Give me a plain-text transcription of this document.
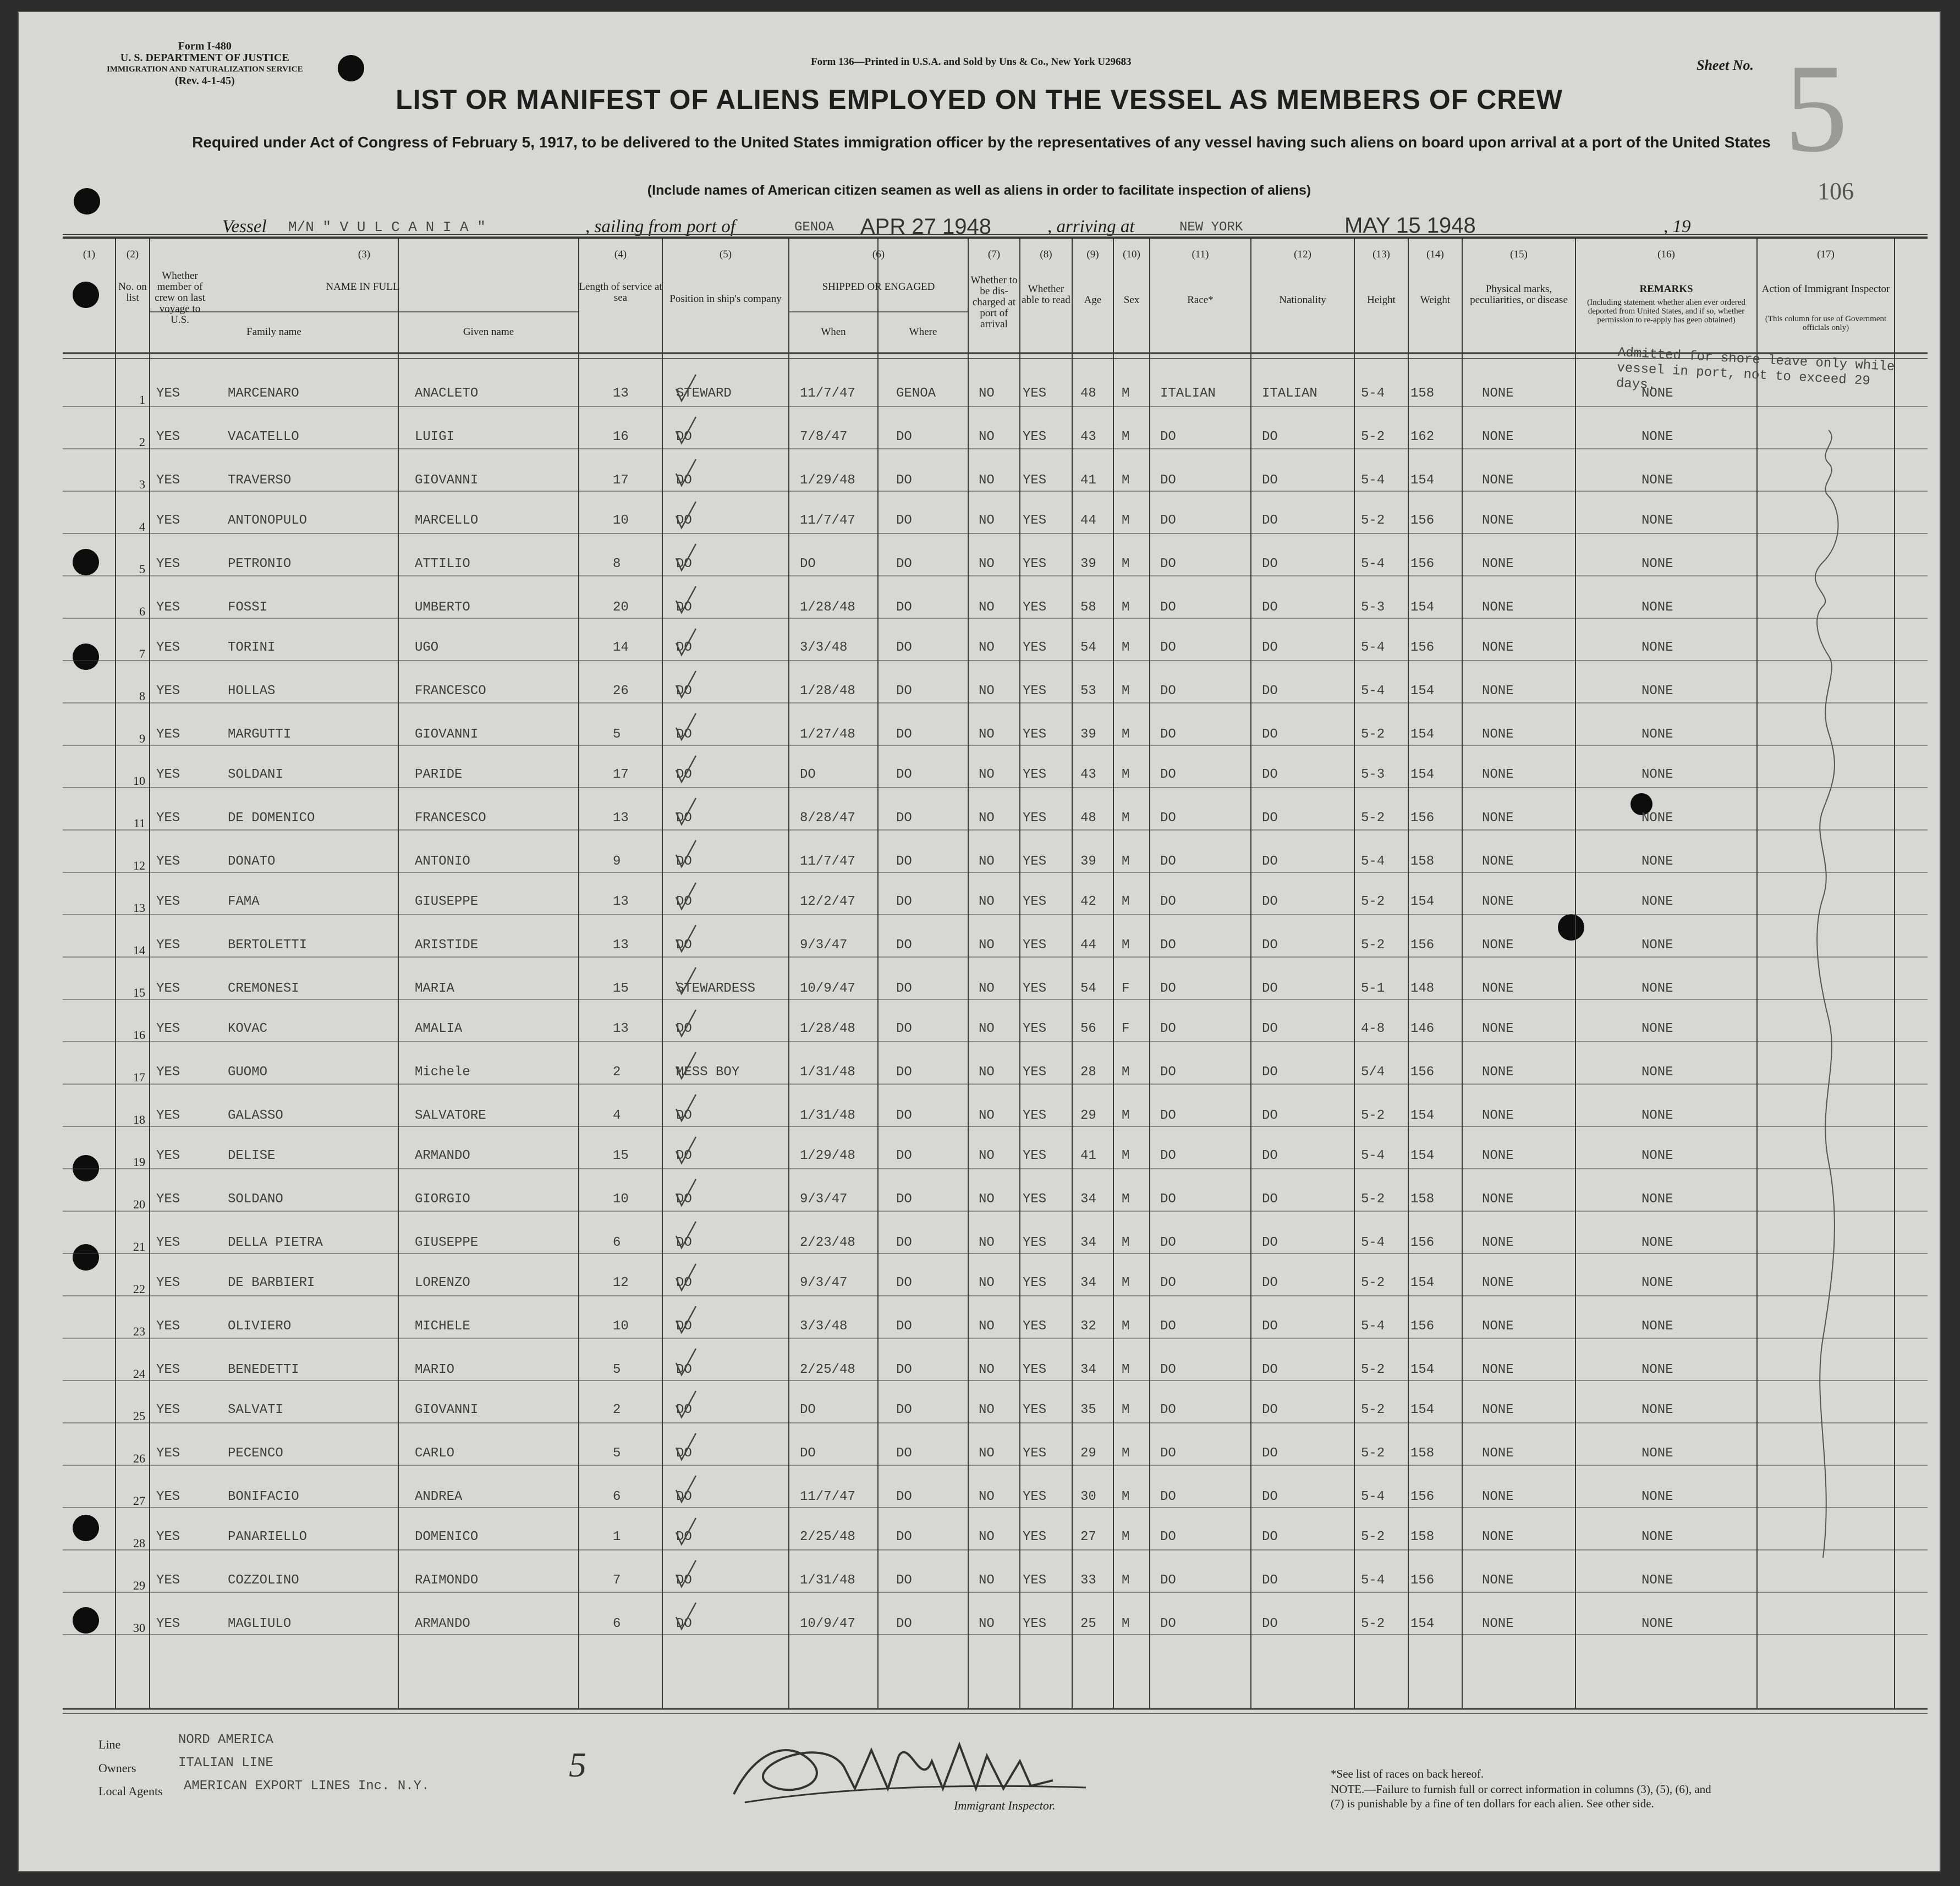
Form I-480
U. S. DEPARTMENT OF JUSTICE
IMMIGRATION AND NATURALIZATION SERVICE
(Rev. 4-1-45)
Form 136—Printed in U.S.A. and Sold by Uns & Co., New York U29683	Sheet No. 5
106
LIST OR MANIFEST OF ALIENS EMPLOYED ON THE VESSEL AS MEMBERS OF CREW
Required under Act of Congress of February 5, 1917, to be delivered to the United States immigration officer by the representatives of any vessel having such aliens on board upon arrival at a port of the United States
(Include names of American citizen seamen as well as aliens in order to facilitate inspection of aliens)
Vessel M/N " V U L C A N I A "	, sailing from port of	GENOA APR 27 1948	, arriving at	NEW YORK	MAY 15 1948	, 19
(1)	(2)	(3)	(4)	(5)	(6)	(7)	(8)	(9)	(10)	(11)	(12)	(13)	(14)	(15)	(16)	(17)
No. on list
Whether member of crew on last voyage to U.S.
NAME IN FULL
Family name	Given name
Length of service at sea	Position in ship's company
SHIPPED OR ENGAGED
When	Where
Whether to be dis-charged at port of arrival
Whether able to read	Age	Sex	Race*	Nationality	Height	Weight
Physical marks, peculiarities, or disease
REMARKS
(Including statement whether alien ever ordered deported from United States, and if so, whether permission to re-apply has geen obtained)
Action of Immigrant Inspector
(This column for use of Government officials only)
1 YES	MARCENARO	ANACLETO	13	STEWARD	11/7/47	GENOA	NO YES	48 M ITALIAN	ITALIAN	5-4 158	NONE	NONE
2 YES	VACATELLO	LUIGI	16	DO	7/8/47	DO	NO YES	43 M DO	DO	5-2 162	NONE	NONE
3 YES	TRAVERSO	GIOVANNI	17	DO	1/29/48	DO	NO YES	41 M DO	DO	5-4 154	NONE	NONE
4 YES	ANTONOPULO	MARCELLO	10	DO	11/7/47	DO	NO YES	44 M DO	DO	5-2 156	NONE	NONE
5 YES	PETRONIO	ATTILIO	8	DO	DO	DO	NO YES	39 M DO	DO	5-4 156	NONE	NONE
6 YES	FOSSI	UMBERTO	20	DO	1/28/48	DO	NO YES	58 M DO	DO	5-3 154	NONE	NONE
7 YES	TORINI	UGO	14	DO	3/3/48	DO	NO YES	54 M DO	DO	5-4 156	NONE	NONE
8 YES	HOLLAS	FRANCESCO	26	DO	1/28/48	DO	NO YES	53 M DO	DO	5-4 154	NONE	NONE
9 YES	MARGUTTI	GIOVANNI	5	DO	1/27/48	DO	NO YES	39 M DO	DO	5-2 154	NONE	NONE
10 YES	SOLDANI	PARIDE	17	DO	DO	DO	NO YES	43 M DO	DO	5-3 154	NONE	NONE
11 YES	DE DOMENICO	FRANCESCO	13	DO	8/28/47	DO	NO YES	48 M DO	DO	5-2 156	NONE	NONE
12 YES	DONATO	ANTONIO	9	DO	11/7/47	DO	NO YES	39 M DO	DO	5-4 158	NONE	NONE
13 YES	FAMA	GIUSEPPE	13	DO	12/2/47	DO	NO YES	42 M DO	DO	5-2 154	NONE	NONE
14 YES	BERTOLETTI	ARISTIDE	13	DO	9/3/47	DO	NO YES	44 M DO	DO	5-2 156	NONE	NONE
15 YES	CREMONESI	MARIA	15	STEWARDESS	10/9/47	DO	NO YES	54 F DO	DO	5-1 148	NONE	NONE
16 YES	KOVAC	AMALIA	13	DO	1/28/48	DO	NO YES	56 F DO	DO	4-8 146	NONE	NONE
17 YES	GUOMO	Michele	2	MESS BOY	1/31/48	DO	NO YES	28 M DO	DO	5/4 156	NONE	NONE
18 YES	GALASSO	SALVATORE	4	DO	1/31/48	DO	NO YES	29 M DO	DO	5-2 154	NONE	NONE
19 YES	DELISE	ARMANDO	15	DO	1/29/48	DO	NO YES	41 M DO	DO	5-4 154	NONE	NONE
20 YES	SOLDANO	GIORGIO	10	DO	9/3/47	DO	NO YES	34 M DO	DO	5-2 158	NONE	NONE
21 YES	DELLA PIETRA	GIUSEPPE	6	DO	2/23/48	DO	NO YES	34 M DO	DO	5-4 156	NONE	NONE
22 YES	DE BARBIERI	LORENZO	12	DO	9/3/47	DO	NO YES	34 M DO	DO	5-2 154	NONE	NONE
23 YES	OLIVIERO	MICHELE	10	DO	3/3/48	DO	NO YES	32 M DO	DO	5-4 156	NONE	NONE
24 YES	BENEDETTI	MARIO	5	DO	2/25/48	DO	NO YES	34 M DO	DO	5-2 154	NONE	NONE
25 YES	SALVATI	GIOVANNI	2	DO	DO	DO	NO YES	35 M DO	DO	5-2 154	NONE	NONE
26 YES	PECENCO	CARLO	5	DO	DO	DO	NO YES	29 M DO	DO	5-2 158	NONE	NONE
27 YES	BONIFACIO	ANDREA	6	DO	11/7/47	DO	NO YES	30 M DO	DO	5-4 156	NONE	NONE
28 YES	PANARIELLO	DOMENICO	1	DO	2/25/48	DO	NO YES	27 M DO	DO	5-2 158	NONE	NONE
29 YES	COZZOLINO	RAIMONDO	7	DO	1/31/48	DO	NO YES	33 M DO	DO	5-4 156	NONE	NONE
30 YES	MAGLIULO	ARMANDO	6	DO	10/9/47	DO	NO YES	25 M DO	DO	5-2 154	NONE	NONE
Admitted for shore leave only while vessel in port, not to exceed 29 days.
Line	NORD AMERICA
Owners	ITALIAN LINE
Local Agents AMERICAN EXPORT LINES Inc. N.Y.
5
Immigrant Inspector.
*See list of races on back hereof.
NOTE.—Failure to furnish full or correct information in columns (3), (5), (6), and (7) is punishable by a fine of ten dollars for each alien. See other side.
